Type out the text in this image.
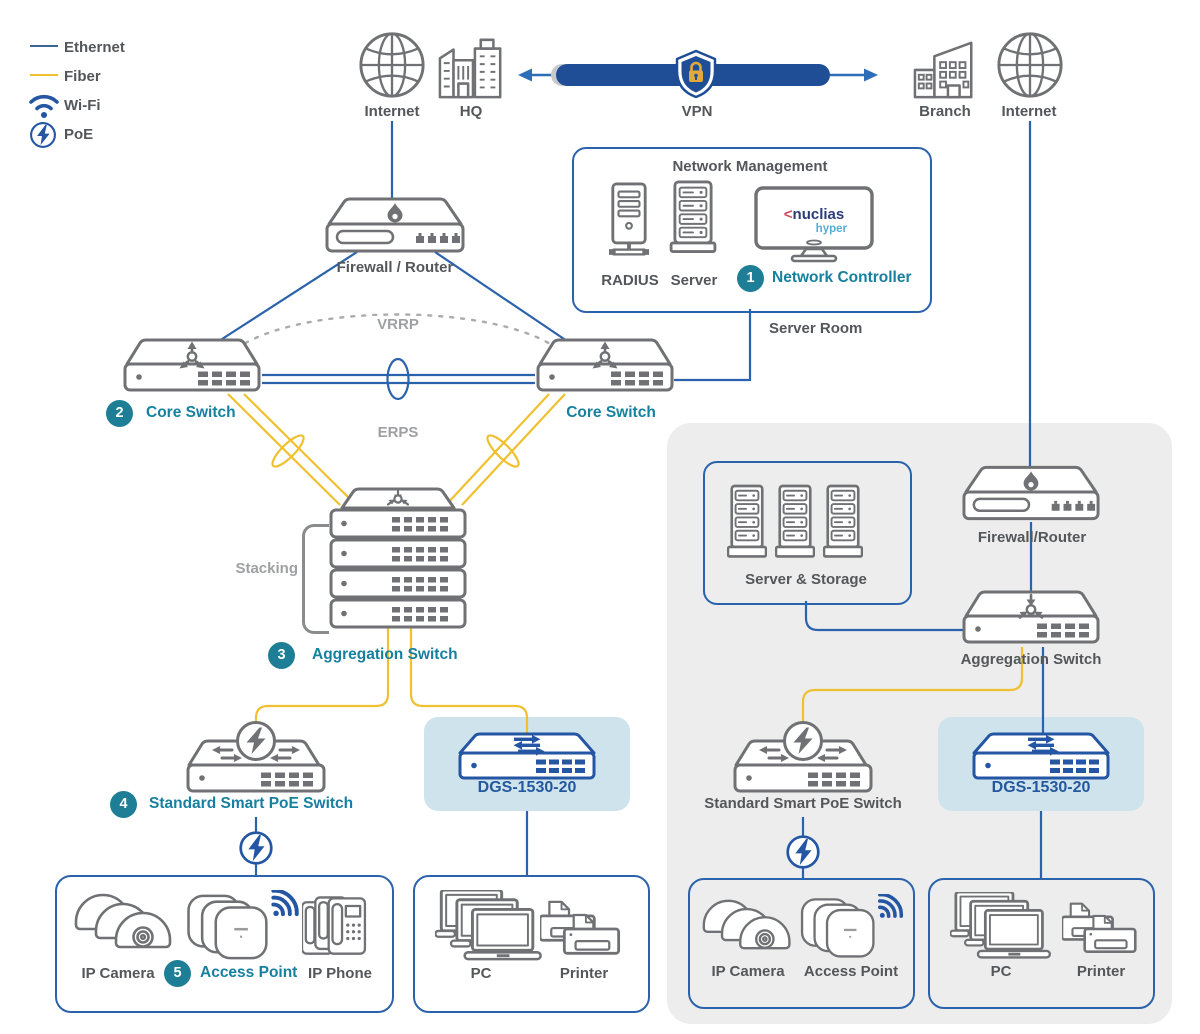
Ethernet
Fiber
Wi-Fi
PoE
Internet	HQ	VPN	Branch Internet
Network Management
<nuclias
hyper
RADIUS Server	1	Network Controller
Server Room
Firewall / Router
VRRP
2	Core Switch	Core Switch
ERPS
Stacking
3	Aggregation Switch
4	Standard Smart PoE Switch
DGS-1530-20
IP Camera	5	Access Point IP Phone	PC	Printer
Server & Storage
Firewall/Router
Aggregation Switch
Standard Smart PoE Switch
DGS-1530-20
IP Camera Access Point	PC	Printer
